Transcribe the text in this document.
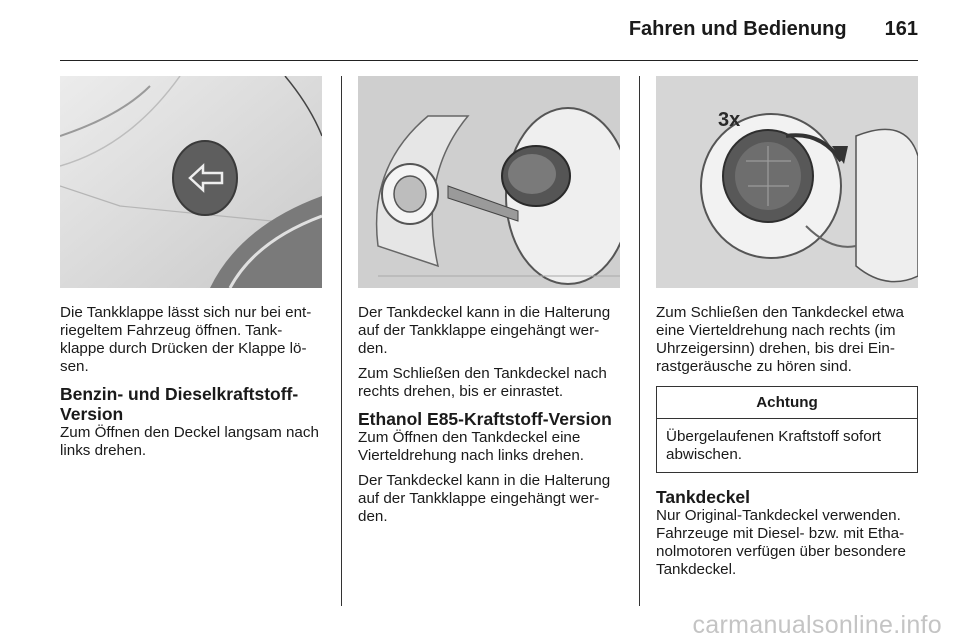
Fahren und Bedienung 161

Die Tankklappe lässt sich nur bei ent-riegeltem Fahrzeug öffnen. Tank-klappe durch Drücken der Klappe lö-sen.

Benzin- und Dieselkraftstoff-Version

Zum Öffnen den Deckel langsam nach links drehen.

Der Tankdeckel kann in die Halterung auf der Tankklappe eingehängt wer-den.

Zum Schließen den Tankdeckel nach rechts drehen, bis er einrastet.

Ethanol E85-Kraftstoff-Version

Zum Öffnen den Tankdeckel eine Vierteldrehung nach links drehen.

Der Tankdeckel kann in die Halterung auf der Tankklappe eingehängt wer-den.

3x

Zum Schließen den Tankdeckel etwa eine Vierteldrehung nach rechts (im Uhrzeigersinn) drehen, bis drei Ein-rastgeräusche zu hören sind.

Achtung
Übergelaufenen Kraftstoff sofort abwischen.
Tankdeckel

Nur Original-Tankdeckel verwenden. Fahrzeuge mit Diesel- bzw. mit Etha-nolmotoren verfügen über besondere Tankdeckel.

carmanualsonline.info
